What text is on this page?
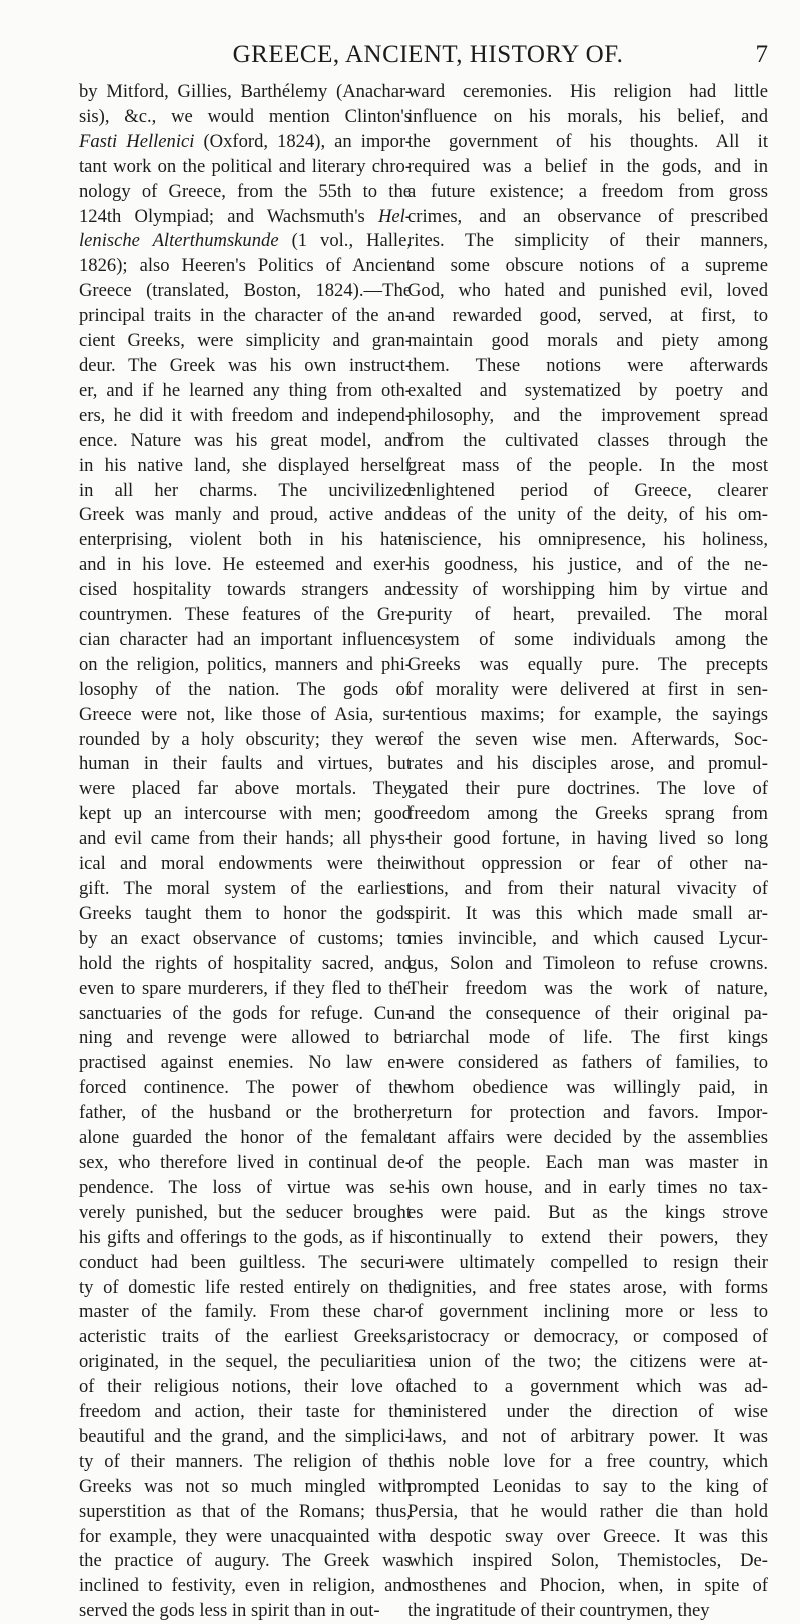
GREECE, ANCIENT, HISTORY OF.	7

by Mitford, Gillies, Barthélemy (Anachar-
sis), &c., we would mention Clinton's
Fasti Hellenici (Oxford, 1824), an impor-
tant work on the political and literary chro-
nology of Greece, from the 55th to the
124th Olympiad; and Wachsmuth's Hel-
lenische Alterthumskunde (1 vol., Halle,
1826); also Heeren's Politics of Ancient
Greece (translated, Boston, 1824).—The
principal traits in the character of the an-
cient Greeks, were simplicity and gran-
deur. The Greek was his own instruct-
er, and if he learned any thing from oth-
ers, he did it with freedom and independ-
ence. Nature was his great model, and
in his native land, she displayed herself
in all her charms. The uncivilized
Greek was manly and proud, active and
enterprising, violent both in his hate
and in his love. He esteemed and exer-
cised hospitality towards strangers and
countrymen. These features of the Gre-
cian character had an important influence
on the religion, politics, manners and phi-
losophy of the nation. The gods of
Greece were not, like those of Asia, sur-
rounded by a holy obscurity; they were
human in their faults and virtues, but
were placed far above mortals. They
kept up an intercourse with men; good
and evil came from their hands; all phys-
ical and moral endowments were their
gift. The moral system of the earliest
Greeks taught them to honor the gods
by an exact observance of customs; to
hold the rights of hospitality sacred, and
even to spare murderers, if they fled to the
sanctuaries of the gods for refuge. Cun-
ning and revenge were allowed to be
practised against enemies. No law en-
forced continence. The power of the
father, of the husband or the brother,
alone guarded the honor of the female
sex, who therefore lived in continual de-
pendence. The loss of virtue was se-
verely punished, but the seducer brought
his gifts and offerings to the gods, as if his
conduct had been guiltless. The securi-
ty of domestic life rested entirely on the
master of the family. From these char-
acteristic traits of the earliest Greeks,
originated, in the sequel, the peculiarities
of their religious notions, their love of
freedom and action, their taste for the
beautiful and the grand, and the simplici-
ty of their manners. The religion of the
Greeks was not so much mingled with
superstition as that of the Romans; thus,
for example, they were unacquainted with
the practice of augury. The Greek was
inclined to festivity, even in religion, and
served the gods less in spirit than in out-

ward ceremonies. His religion had little
influence on his morals, his belief, and
the government of his thoughts. All it
required was a belief in the gods, and in
a future existence; a freedom from gross
crimes, and an observance of prescribed
rites. The simplicity of their manners,
and some obscure notions of a supreme
God, who hated and punished evil, loved
and rewarded good, served, at first, to
maintain good morals and piety among
them. These notions were afterwards
exalted and systematized by poetry and
philosophy, and the improvement spread
from the cultivated classes through the
great mass of the people. In the most
enlightened period of Greece, clearer
ideas of the unity of the deity, of his om-
niscience, his omnipresence, his holiness,
his goodness, his justice, and of the ne-
cessity of worshipping him by virtue and
purity of heart, prevailed. The moral
system of some individuals among the
Greeks was equally pure. The precepts
of morality were delivered at first in sen-
tentious maxims; for example, the sayings
of the seven wise men. Afterwards, Soc-
rates and his disciples arose, and promul-
gated their pure doctrines. The love of
freedom among the Greeks sprang from
their good fortune, in having lived so long
without oppression or fear of other na-
tions, and from their natural vivacity of
spirit. It was this which made small ar-
mies invincible, and which caused Lycur-
gus, Solon and Timoleon to refuse crowns.
Their freedom was the work of nature,
and the consequence of their original pa-
triarchal mode of life. The first kings
were considered as fathers of families, to
whom obedience was willingly paid, in
return for protection and favors. Impor-
tant affairs were decided by the assemblies
of the people. Each man was master in
his own house, and in early times no tax-
es were paid. But as the kings strove
continually to extend their powers, they
were ultimately compelled to resign their
dignities, and free states arose, with forms
of government inclining more or less to
aristocracy or democracy, or composed of
a union of the two; the citizens were at-
tached to a government which was ad-
ministered under the direction of wise
laws, and not of arbitrary power. It was
this noble love for a free country, which
prompted Leonidas to say to the king of
Persia, that he would rather die than hold
a despotic sway over Greece. It was this
which inspired Solon, Themistocles, De-
mosthenes and Phocion, when, in spite of
the ingratitude of their countrymen, they
